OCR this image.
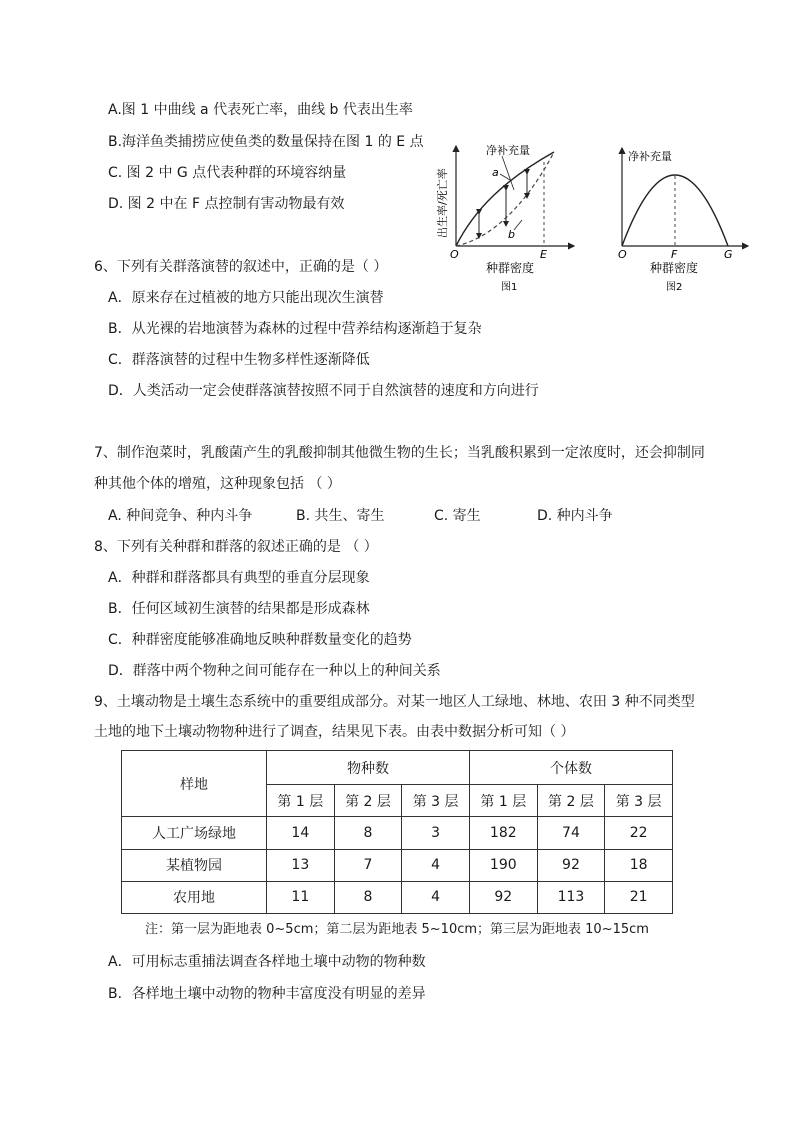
A.图 1 中曲线 a 代表死亡率，曲线 b 代表出生率
B.海洋鱼类捕捞应使鱼类的数量保持在图 1 的 E 点
C. 图 2 中 G 点代表种群的环境容纳量
D. 图 2 中在 F 点控制有害动物最有效
净补充量
a
b
O	E
种群密度
图1
出生率/死亡率
净补充量
O	F	G
种群密度
图2
6、下列有关群落演替的叙述中，正确的是（ ）
A．原来存在过植被的地方只能出现次生演替
B．从光裸的岩地演替为森林的过程中营养结构逐渐趋于复杂
C．群落演替的过程中生物多样性逐渐降低
D．人类活动一定会使群落演替按照不同于自然演替的速度和方向进行
7、制作泡菜时，乳酸菌产生的乳酸抑制其他微生物的生长；当乳酸积累到一定浓度时，还会抑制同
种其他个体的增殖，这种现象包括 （ ）
A. 种间竞争、种内斗争	B. 共生、寄生	C. 寄生	D. 种内斗争
8、下列有关种群和群落的叙述正确的是 （ ）
A．种群和群落都具有典型的垂直分层现象
B．任何区域初生演替的结果都是形成森林
C．种群密度能够准确地反映种群数量变化的趋势
D．群落中两个物种之间可能存在一种以上的种间关系
9、土壤动物是土壤生态系统中的重要组成部分。对某一地区人工绿地、林地、农田 3 种不同类型
土地的地下土壤动物物种进行了调查，结果见下表。由表中数据分析可知（ ）
样地	物种数			个体数		
	第 1 层	第 2 层	第 3 层	第 1 层	第 2 层	第 3 层
人工广场绿地	14	8	3	182	74	22
某植物园	13	7	4	190	92	18
农用地	11	8	4	92	113	21
注：第一层为距地表 0~5cm；第二层为距地表 5~10cm；第三层为距地表 10~15cm
A．可用标志重捕法调查各样地土壤中动物的物种数
B．各样地土壤中动物的物种丰富度没有明显的差异
